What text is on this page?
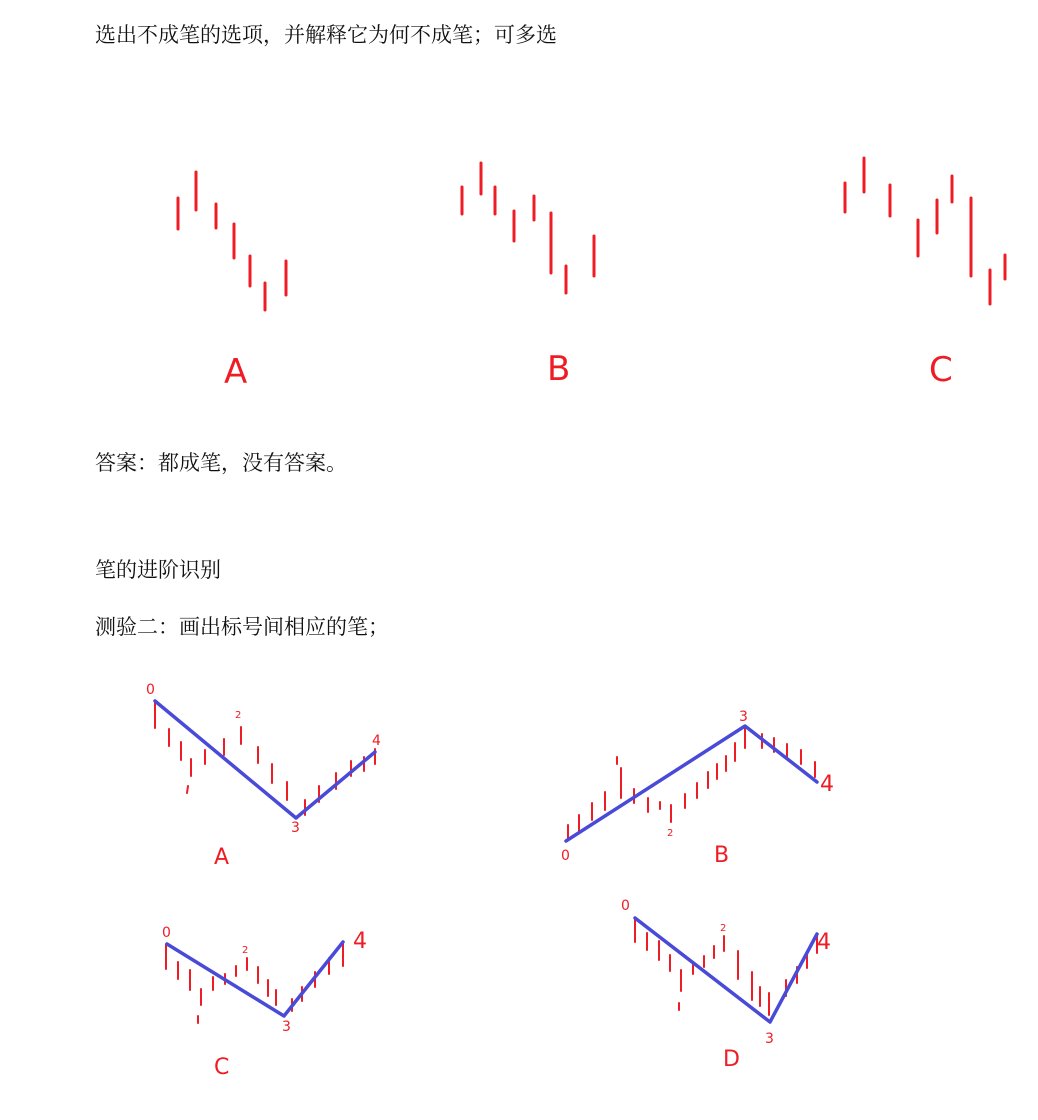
选出不成笔的选项，并解释它为何不成笔；可多选
答案：都成笔，没有答案。
笔的进阶识别
测验二：画出标号间相应的笔；
A	B	C
0
2
3
4
A	0
2
3
4
B
0
2
3
4
C
0
2
3
4
D
